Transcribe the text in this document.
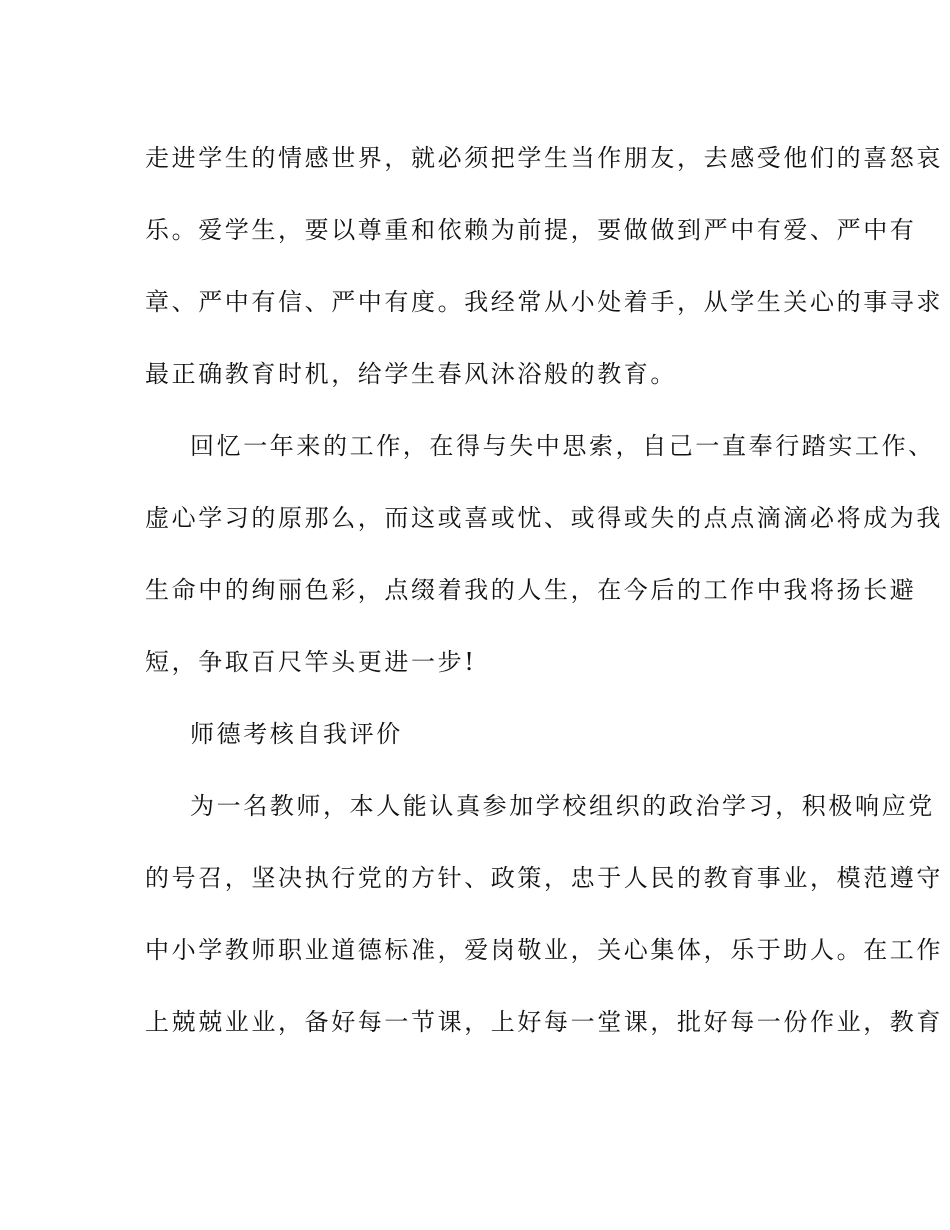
走进学生的情感世界，就必须把学生当作朋友，去感受他们的喜怒哀
乐。爱学生，要以尊重和依赖为前提，要做做到严中有爱、严中有
章、严中有信、严中有度。我经常从小处着手，从学生关心的事寻求
最正确教育时机，给学生春风沐浴般的教育。
回忆一年来的工作，在得与失中思索，自己一直奉行踏实工作、
虚心学习的原那么，而这或喜或忧、或得或失的点点滴滴必将成为我
生命中的绚丽色彩，点缀着我的人生，在今后的工作中我将扬长避
短，争取百尺竿头更进一步!
师德考核自我评价
为一名教师，本人能认真参加学校组织的政治学习，积极响应党
的号召，坚决执行党的方针、政策，忠于人民的教育事业，模范遵守
中小学教师职业道德标准，爱岗敬业，关心集体，乐于助人。在工作
上兢兢业业，备好每一节课，上好每一堂课，批好每一份作业，教育
